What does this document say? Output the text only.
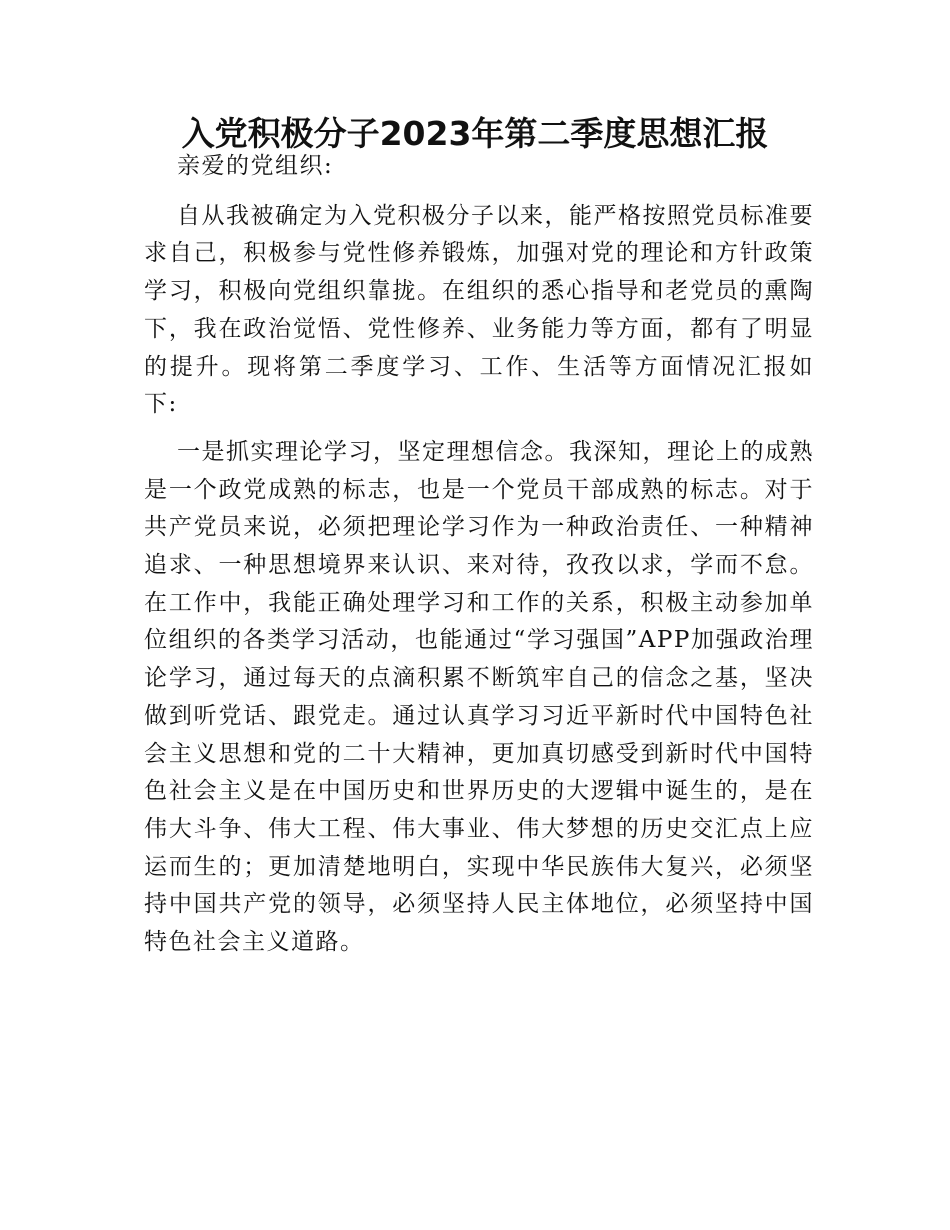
入党积极分子2023年第二季度思想汇报

亲爱的党组织:

自从我被确定为入党积极分子以来，能严格按照党员标准要求自己，积极参与党性修养锻炼，加强对党的理论和方针政策学习，积极向党组织靠拢。在组织的悉心指导和老党员的熏陶下，我在政治觉悟、党性修养、业务能力等方面，都有了明显的提升。现将第二季度学习、工作、生活等方面情况汇报如下:

一是抓实理论学习，坚定理想信念。我深知，理论上的成熟是一个政党成熟的标志，也是一个党员干部成熟的标志。对于共产党员来说，必须把理论学习作为一种政治责任、一种精神追求、一种思想境界来认识、来对待，孜孜以求，学而不怠。在工作中，我能正确处理学习和工作的关系，积极主动参加单位组织的各类学习活动，也能通过“学习强国”APP加强政治理论学习，通过每天的点滴积累不断筑牢自己的信念之基，坚决做到听党话、跟党走。通过认真学习习近平新时代中国特色社会主义思想和党的二十大精神，更加真切感受到新时代中国特色社会主义是在中国历史和世界历史的大逻辑中诞生的，是在伟大斗争、伟大工程、伟大事业、伟大梦想的历史交汇点上应运而生的；更加清楚地明白，实现中华民族伟大复兴，必须坚持中国共产党的领导，必须坚持人民主体地位，必须坚持中国特色社会主义道路。
